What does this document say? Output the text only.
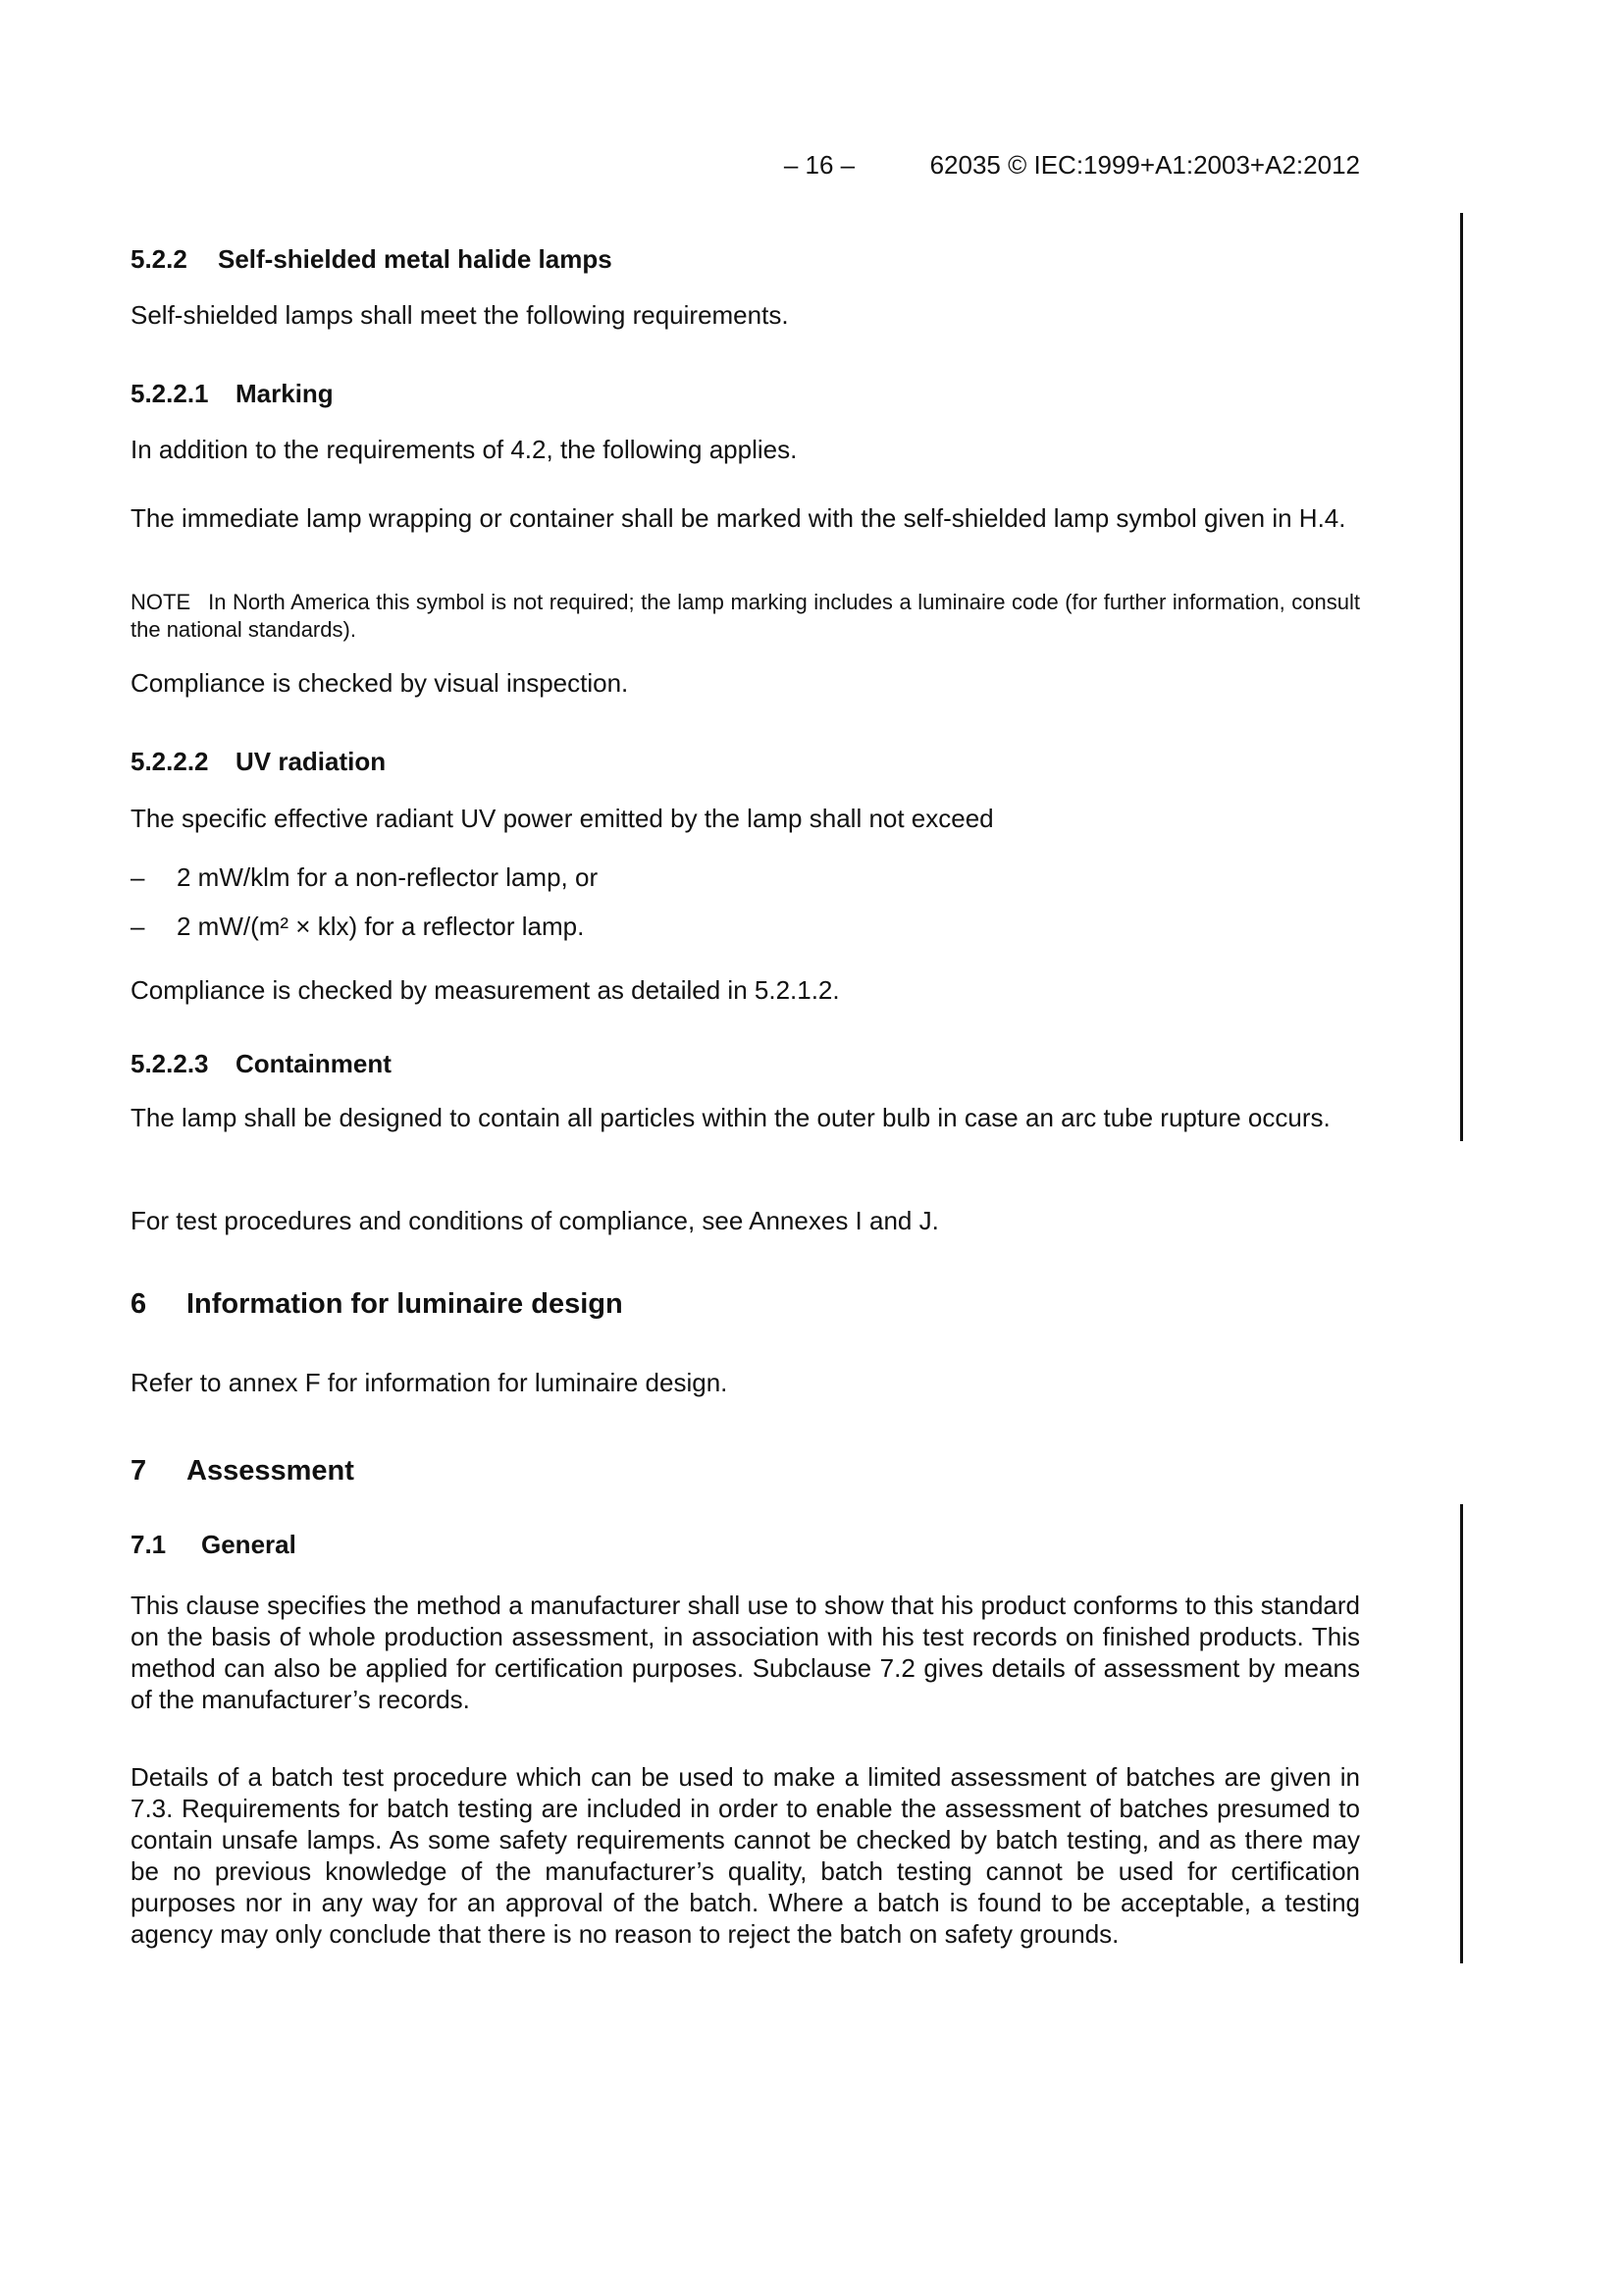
– 16 –	62035 © IEC:1999+A1:2003+A2:2012
5.2.2 Self-shielded metal halide lamps

Self-shielded lamps shall meet the following requirements.

5.2.2.1 Marking

In addition to the requirements of 4.2, the following applies.

The immediate lamp wrapping or container shall be marked with the self-shielded lamp symbol given in H.4.

NOTE In North America this symbol is not required; the lamp marking includes a luminaire code (for further information, consult the national standards).

Compliance is checked by visual inspection.

5.2.2.2 UV radiation

The specific effective radiant UV power emitted by the lamp shall not exceed

–	2 mW/klm for a non-reflector lamp, or
–	2 mW/(m² × klx) for a reflector lamp.

Compliance is checked by measurement as detailed in 5.2.1.2.

5.2.2.3 Containment

The lamp shall be designed to contain all particles within the outer bulb in case an arc tube rupture occurs.

For test procedures and conditions of compliance, see Annexes I and J.

6 Information for luminaire design

Refer to annex F for information for luminaire design.

7 Assessment
7.1 General

This clause specifies the method a manufacturer shall use to show that his product conforms to this standard on the basis of whole production assessment, in association with his test records on finished products. This method can also be applied for certification purposes. Subclause 7.2 gives details of assessment by means of the manufacturer’s records.

Details of a batch test procedure which can be used to make a limited assessment of batches are given in 7.3. Requirements for batch testing are included in order to enable the assessment of batches presumed to contain unsafe lamps. As some safety requirements cannot be checked by batch testing, and as there may be no previous knowledge of the manufacturer’s quality, batch testing cannot be used for certification purposes nor in any way for an approval of the batch. Where a batch is found to be acceptable, a testing agency may only conclude that there is no reason to reject the batch on safety grounds.
